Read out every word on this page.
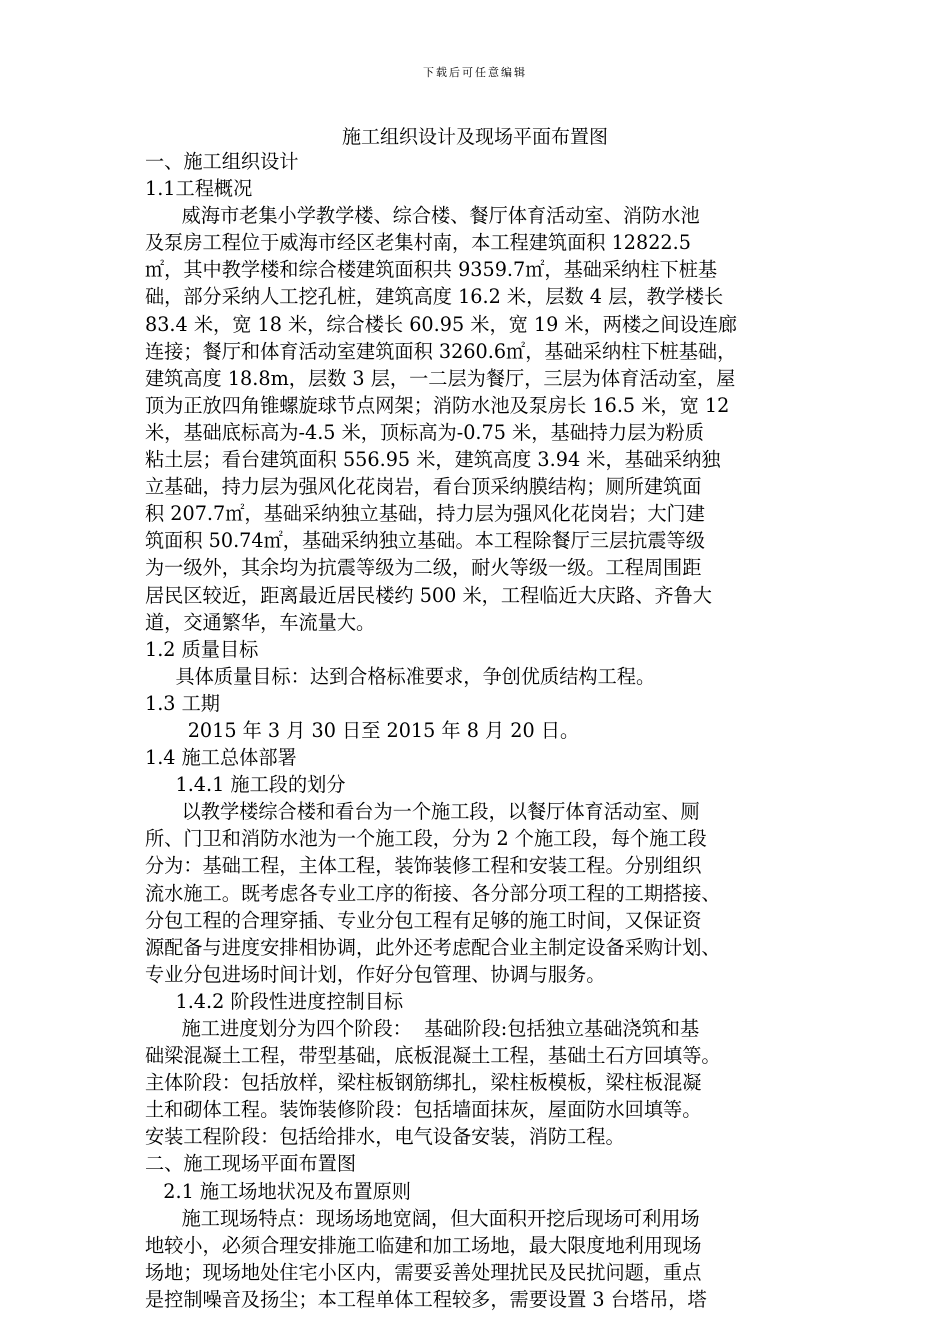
下载后可任意编辑
施工组织设计及现场平面布置图
一、施工组织设计
1.1工程概况
威海市老集小学教学楼、综合楼、餐厅体育活动室、消防水池
及泵房工程位于威海市经区老集村南，本工程建筑面积 12822.5
㎡，其中教学楼和综合楼建筑面积共 9359.7㎡，基础采纳柱下桩基
础，部分采纳人工挖孔桩，建筑高度 16.2 米，层数 4 层，教学楼长
83.4 米，宽 18 米，综合楼长 60.95 米，宽 19 米，两楼之间设连廊
连接；餐厅和体育活动室建筑面积 3260.6㎡，基础采纳柱下桩基础，
建筑高度 18.8m，层数 3 层，一二层为餐厅，三层为体育活动室，屋
顶为正放四角锥螺旋球节点网架；消防水池及泵房长 16.5 米，宽 12
米，基础底标高为-4.5 米，顶标高为-0.75 米，基础持力层为粉质
粘土层；看台建筑面积 556.95 米，建筑高度 3.94 米，基础采纳独
立基础，持力层为强风化花岗岩，看台顶采纳膜结构；厕所建筑面
积 207.7㎡，基础采纳独立基础，持力层为强风化花岗岩；大门建
筑面积 50.74㎡，基础采纳独立基础。本工程除餐厅三层抗震等级
为一级外，其余均为抗震等级为二级，耐火等级一级。工程周围距
居民区较近，距离最近居民楼约 500 米，工程临近大庆路、齐鲁大
道，交通繁华，车流量大。
1.2 质量目标
具体质量目标：达到合格标准要求，争创优质结构工程。
1.3 工期
2015 年 3 月 30 日至 2015 年 8 月 20 日。
1.4 施工总体部署
1.4.1 施工段的划分
以教学楼综合楼和看台为一个施工段，以餐厅体育活动室、厕
所、门卫和消防水池为一个施工段，分为 2 个施工段，每个施工段
分为：基础工程，主体工程，装饰装修工程和安装工程。分别组织
流水施工。既考虑各专业工序的衔接、各分部分项工程的工期搭接、
分包工程的合理穿插、专业分包工程有足够的施工时间，又保证资
源配备与进度安排相协调，此外还考虑配合业主制定设备采购计划、
专业分包进场时间计划，作好分包管理、协调与服务。
1.4.2 阶段性进度控制目标
施工进度划分为四个阶段：  基础阶段:包括独立基础浇筑和基
础梁混凝土工程，带型基础，底板混凝土工程，基础土石方回填等。
主体阶段：包括放样，梁柱板钢筋绑扎，梁柱板模板，梁柱板混凝
土和砌体工程。装饰装修阶段：包括墙面抹灰，屋面防水回填等。
安装工程阶段：包括给排水，电气设备安装，消防工程。
二、施工现场平面布置图
2.1 施工场地状况及布置原则
施工现场特点：现场场地宽阔，但大面积开挖后现场可利用场
地较小，必须合理安排施工临建和加工场地，最大限度地利用现场
场地；现场地处住宅小区内，需要妥善处理扰民及民扰问题，重点
是控制噪音及扬尘；本工程单体工程较多，需要设置 3 台塔吊，塔
